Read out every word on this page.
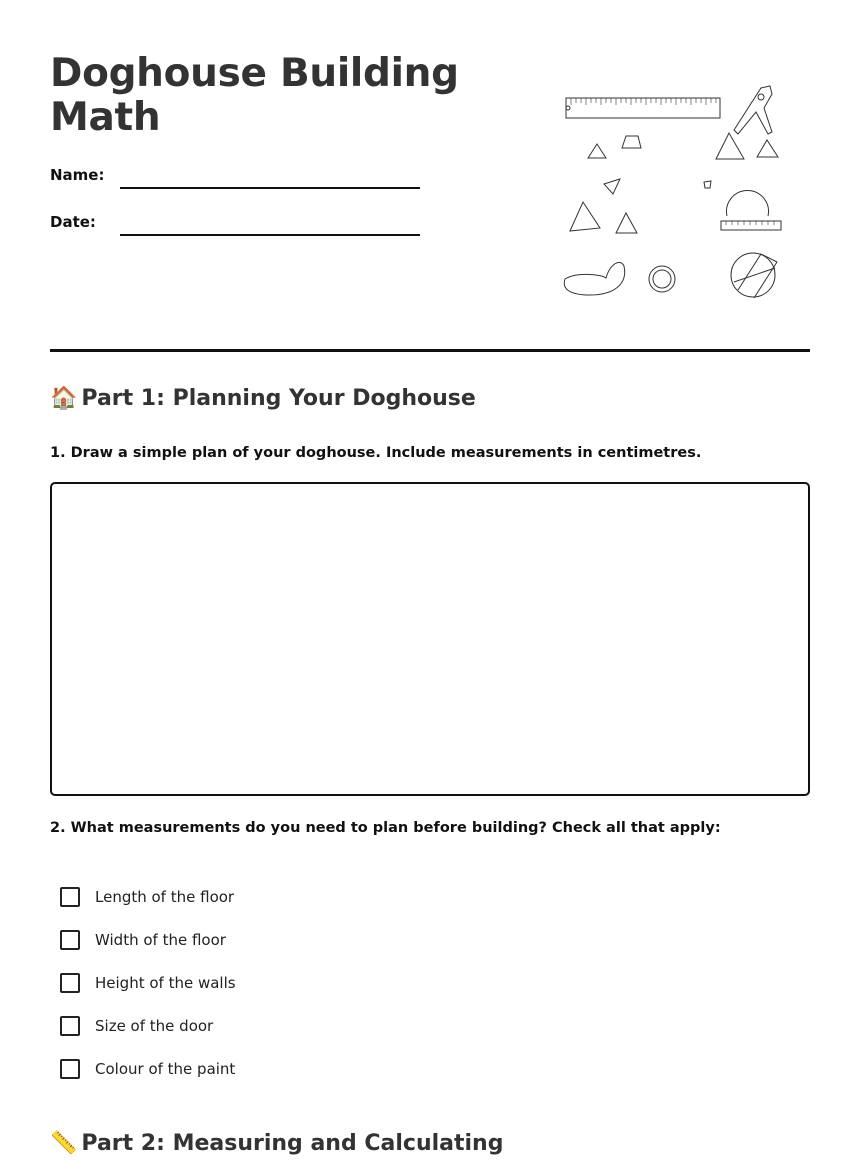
Doghouse Building Math
Name:
Date:
🏠 Part 1: Planning Your Doghouse
1. Draw a simple plan of your doghouse. Include measurements in centimetres.
2. What measurements do you need to plan before building? Check all that apply:
Length of the floor
Width of the floor
Height of the walls
Size of the door
Colour of the paint
📏 Part 2: Measuring and Calculating
